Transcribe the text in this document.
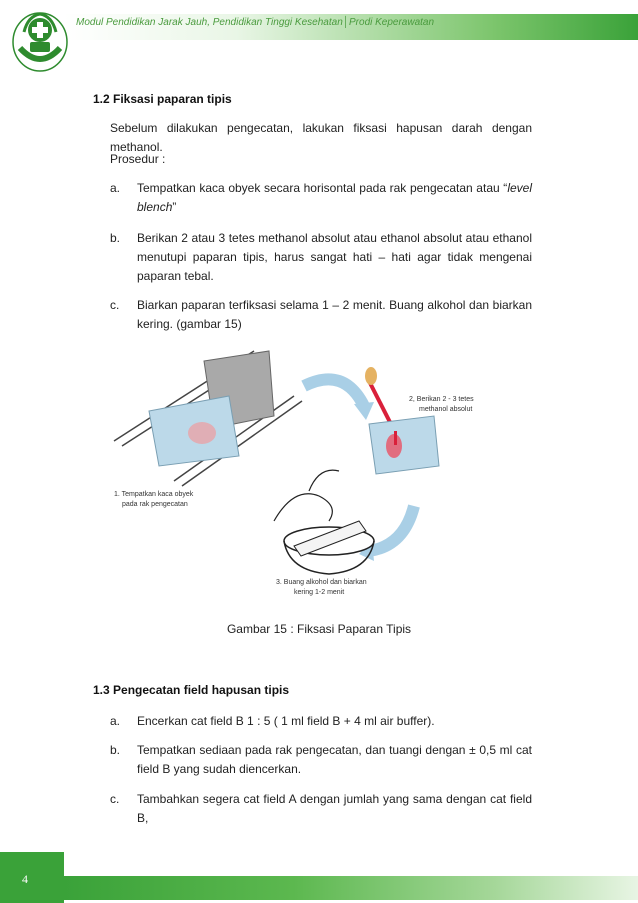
Modul Pendidikan Jarak Jauh, Pendidikan Tinggi Kesehatan│Prodi Keperawatan
1.2 Fiksasi paparan tipis
Sebelum dilakukan pengecatan, lakukan fiksasi hapusan darah dengan methanol.
Prosedur :
a.	Tempatkan kaca obyek secara horisontal pada rak pengecatan atau “level blench”
b.	Berikan 2 atau 3 tetes methanol absolut atau ethanol absolut atau ethanol menutupi paparan tipis, harus sangat hati – hati agar tidak mengenai paparan tebal.
c.	Biarkan paparan terfiksasi selama 1 – 2 menit. Buang alkohol dan biarkan kering. (gambar 15)
1. Tempatkan kaca obyek
pada rak pengecatan
2, Berikan 2 - 3 tetes
methanol absolut
3. Buang alkohol dan biarkan
kering 1-2 menit
Gambar 15 : Fiksasi Paparan Tipis
1.3 Pengecatan field hapusan tipis
a.	Encerkan cat field B 1 : 5 ( 1 ml field B + 4 ml air buffer).
b.	Tempatkan sediaan pada rak pengecatan, dan tuangi dengan ± 0,5 ml cat field B yang sudah diencerkan.
c.	Tambahkan segera cat field A dengan jumlah yang sama dengan cat field B,
4
